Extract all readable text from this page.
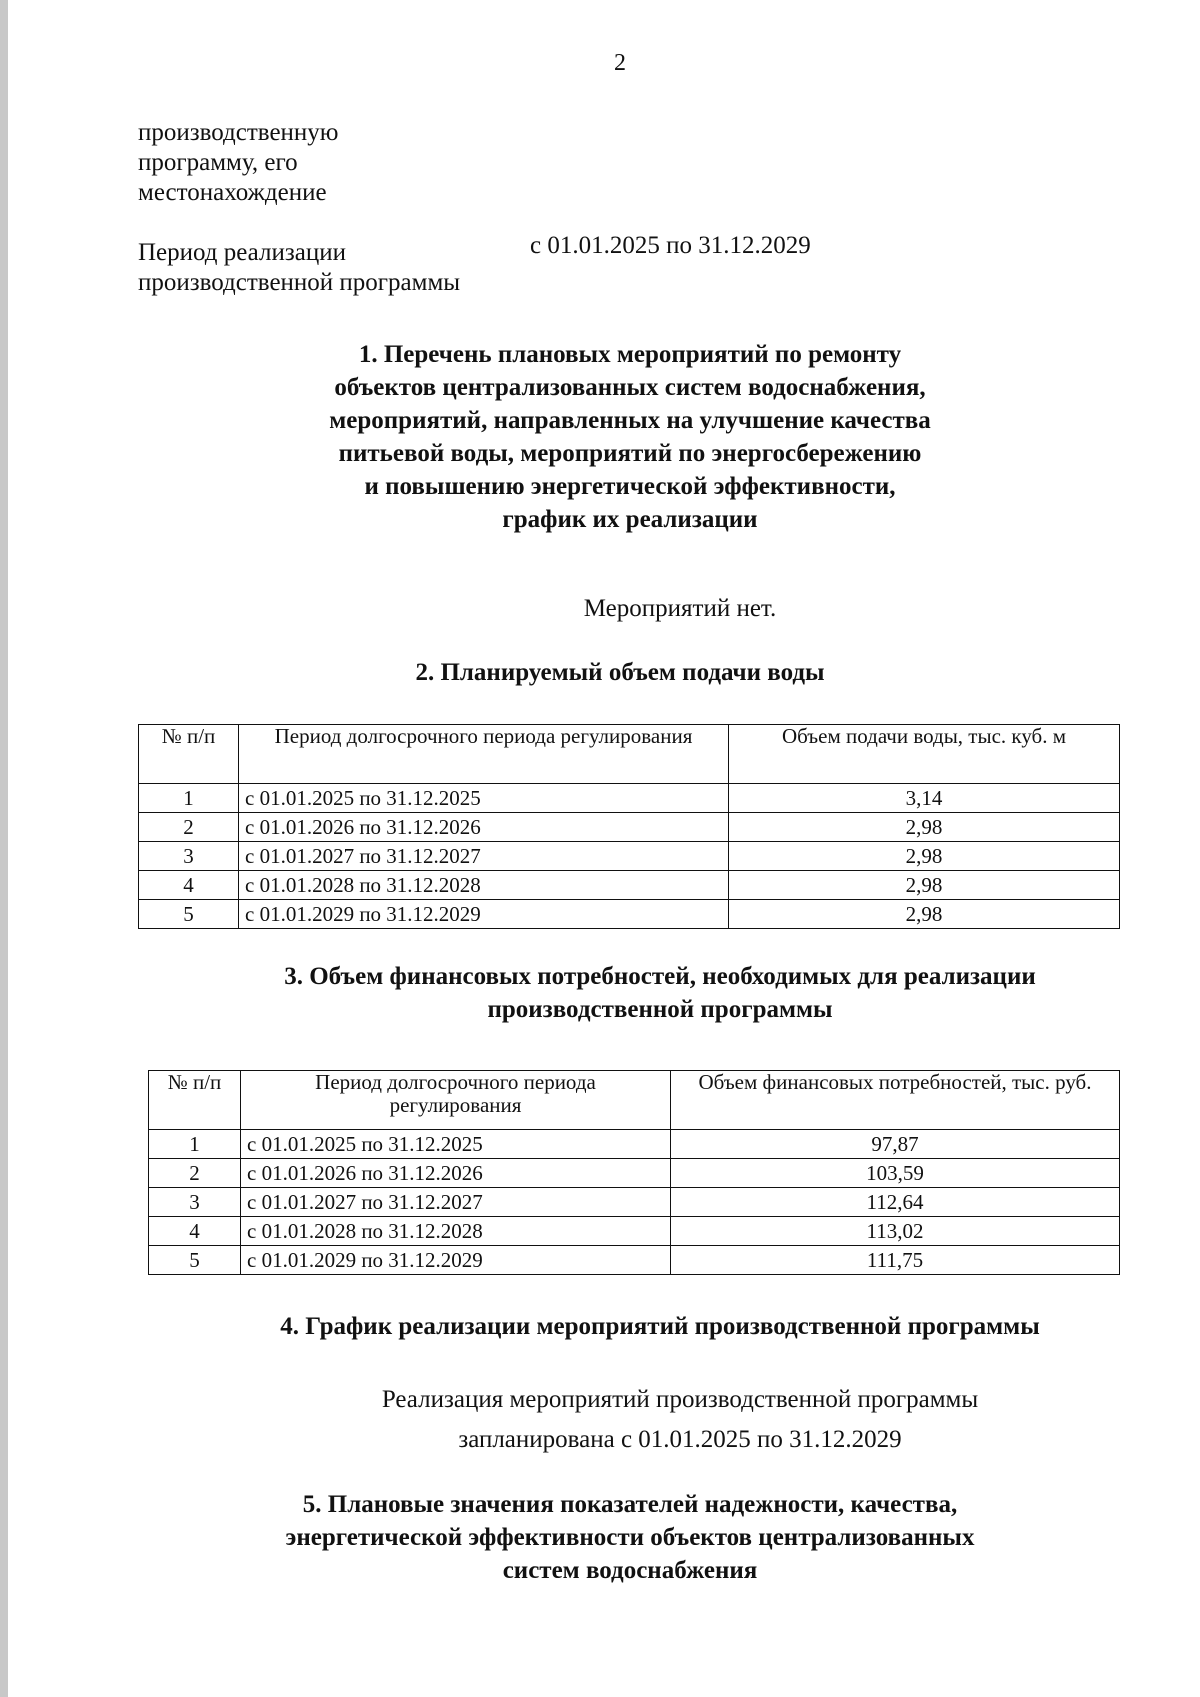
2
производственную
программу, его
местонахождение
Период реализации
производственной программы
с 01.01.2025 по 31.12.2029
1. Перечень плановых мероприятий по ремонту
объектов централизованных систем водоснабжения,
мероприятий, направленных на улучшение качества
питьевой воды, мероприятий по энергосбережению
и повышению энергетической эффективности,
график их реализации
Мероприятий нет.
2. Планируемый объем подачи воды
№ п/п	Период долгосрочного периода регулирования	Объем подачи воды, тыс. куб. м
1	с 01.01.2025 по 31.12.2025	3,14
2	с 01.01.2026 по 31.12.2026	2,98
3	с 01.01.2027 по 31.12.2027	2,98
4	с 01.01.2028 по 31.12.2028	2,98
5	с 01.01.2029 по 31.12.2029	2,98
3. Объем финансовых потребностей, необходимых для реализации
производственной программы
№ п/п	Период долгосрочного периода регулирования	Объем финансовых потребностей, тыс. руб.
1	с 01.01.2025 по 31.12.2025	97,87
2	с 01.01.2026 по 31.12.2026	103,59
3	с 01.01.2027 по 31.12.2027	112,64
4	с 01.01.2028 по 31.12.2028	113,02
5	с 01.01.2029 по 31.12.2029	111,75
4. График реализации мероприятий производственной программы
Реализация мероприятий производственной программы
запланирована с 01.01.2025 по 31.12.2029
5. Плановые значения показателей надежности, качества,
энергетической эффективности объектов централизованных
систем водоснабжения
